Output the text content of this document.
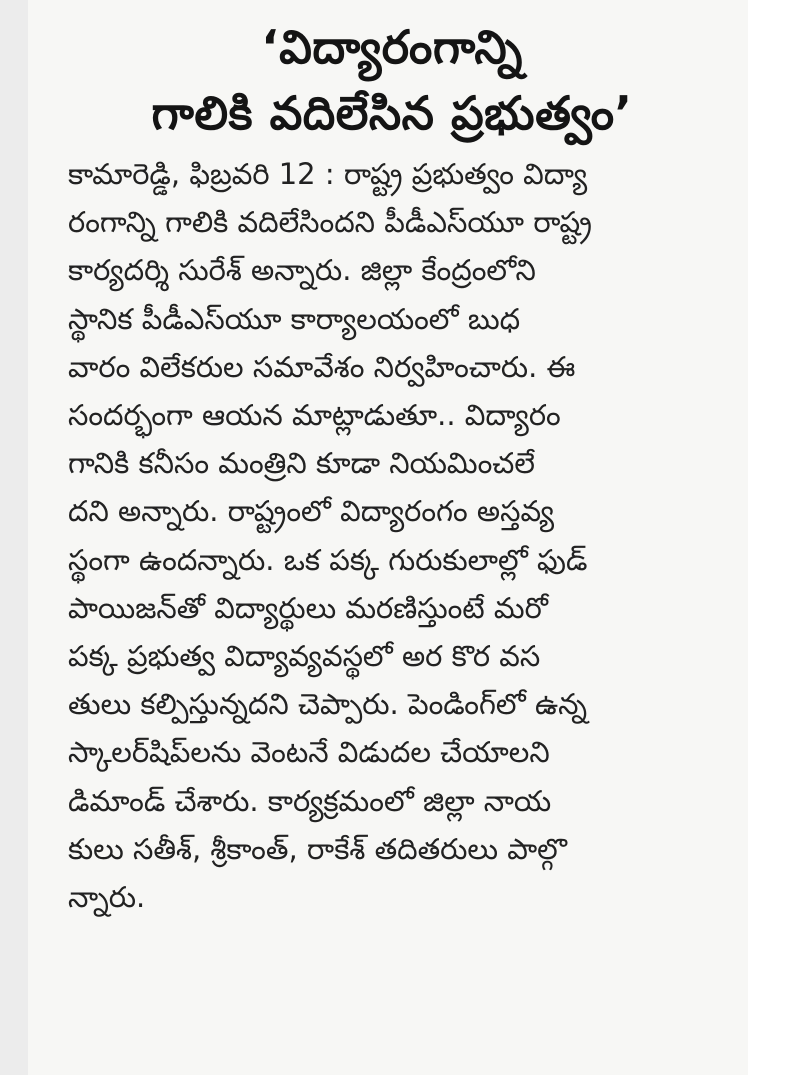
‘విద్యారంగాన్ని
గాలికి వదిలేసిన ప్రభుత్వం’

కామారెడ్డి, ఫిబ్రవరి 12 : రాష్ట్ర ప్రభుత్వం విద్యా
రంగాన్ని గాలికి వదిలేసిందని పీడీఎస్‌యూ రాష్ట్ర
కార్యదర్శి సురేశ్ అన్నారు. జిల్లా కేంద్రంలోని
స్థానిక పీడీఎస్‌యూ కార్యాలయంలో బుధ
వారం విలేకరుల సమావేశం నిర్వహించారు. ఈ
సందర్భంగా ఆయన మాట్లాడుతూ.. విద్యారం
గానికి కనీసం మంత్రిని కూడా నియమించలే
దని అన్నారు. రాష్ట్రంలో విద్యారంగం అస్తవ్య
స్థంగా ఉందన్నారు. ఒక పక్క గురుకులాల్లో ఫుడ్
పాయిజన్‌తో విద్యార్థులు మరణిస్తుంటే మరో
పక్క ప్రభుత్వ విద్యావ్యవస్థలో అర కొర వస
తులు కల్పిస్తున్నదని చెప్పారు. పెండింగ్‌లో ఉన్న
స్కాలర్‌షిప్‌లను వెంటనే విడుదల చేయాలని
డిమాండ్ చేశారు. కార్యక్రమంలో జిల్లా నాయ
కులు సతీశ్, శ్రీకాంత్, రాకేశ్ తదితరులు పాల్గొ
న్నారు.
